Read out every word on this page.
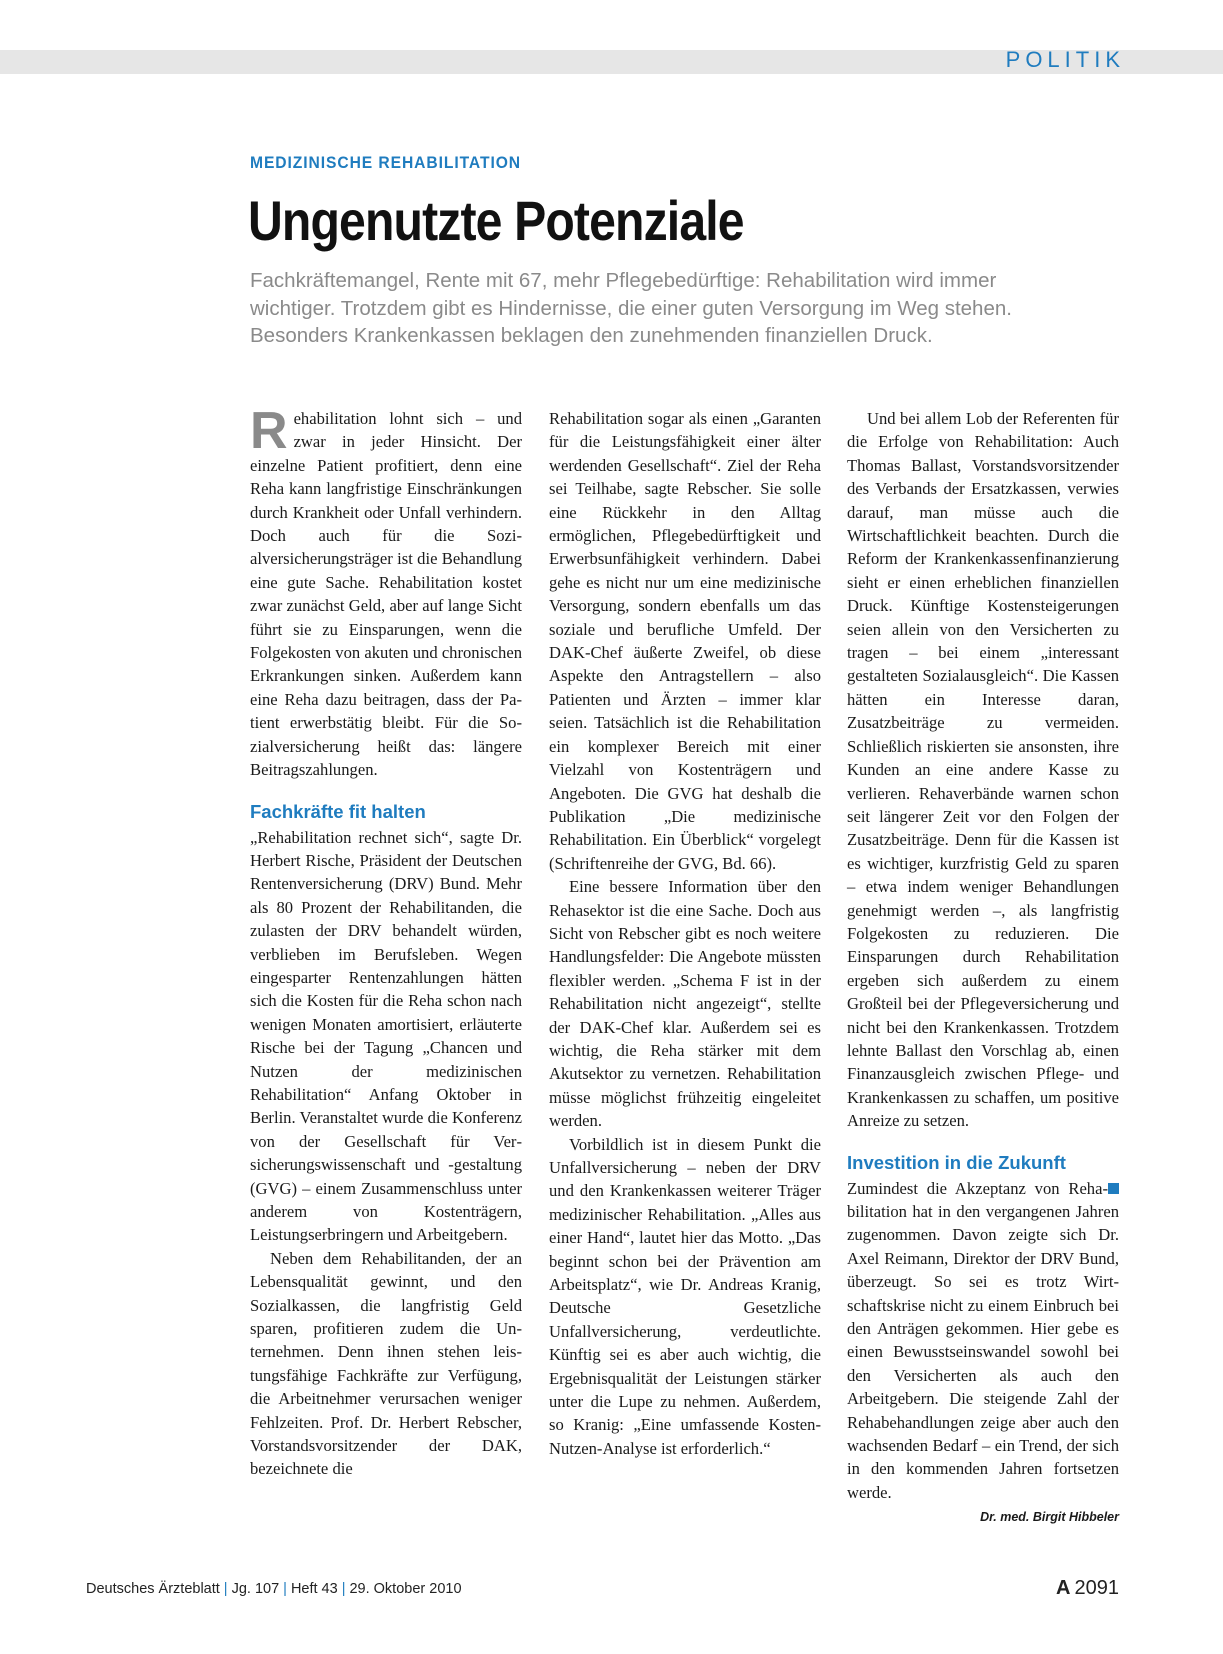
POLITIK
MEDIZINISCHE REHABILITATION
Ungenutzte Potenziale
Fachkräftemangel, Rente mit 67, mehr Pflegebedürftige: Rehabilitation wird immer
wichtiger. Trotzdem gibt es Hindernisse, die einer guten Versorgung im Weg stehen.
Besonders Krankenkassen beklagen den zunehmenden finanziellen Druck.

Rehabilitation lohnt sich – und zwar in jeder Hinsicht. Der einzelne Patient profitiert, denn eine Reha kann langfristige Einschränkungen durch Krankheit oder Unfall verhindern. Doch auch für die Sozialversicherungsträger ist die Behandlung eine gute Sache. Rehabilitation kostet zwar zunächst Geld, aber auf lange Sicht führt sie zu Einsparungen, wenn die Folgekosten von akuten und chronischen Erkrankungen sinken. Außerdem kann eine Reha dazu beitragen, dass der Patient erwerbstätig bleibt. Für die Sozialversicherung heißt das: längere Beitragszahlungen.

Fachkräfte fit halten

„Rehabilitation rechnet sich“, sagte Dr. Herbert Rische, Präsident der Deutschen Rentenversicherung (DRV) Bund. Mehr als 80 Prozent der Rehabilitanden, die zulasten der DRV behandelt würden, verblieben im Berufsleben. Wegen eingesparter Rentenzahlungen hätten sich die Kosten für die Reha schon nach wenigen Monaten amortisiert, erläuterte Rische bei der Tagung „Chancen und Nutzen der medizinischen Rehabilitation“ Anfang Oktober in Berlin. Veranstaltet wurde die Konferenz von der Gesellschaft für Versicherungswissenschaft und -gestaltung (GVG) – einem Zusammenschluss unter anderem von Kostenträgern, Leistungserbringern und Arbeitgebern.

Neben dem Rehabilitanden, der an Lebensqualität gewinnt, und den Sozialkassen, die langfristig Geld sparen, profitieren zudem die Unternehmen. Denn ihnen stehen leistungsfähige Fachkräfte zur Verfügung, die Arbeitnehmer verursachen weniger Fehlzeiten. Prof. Dr. Herbert Rebscher, Vorstandsvorsitzender der DAK, bezeichnete die

Rehabilitation sogar als einen „Garanten für die Leistungsfähigkeit einer älter werdenden Gesellschaft“. Ziel der Reha sei Teilhabe, sagte Rebscher. Sie solle eine Rückkehr in den Alltag ermöglichen, Pflegebedürftigkeit und Erwerbsunfähigkeit verhindern. Dabei gehe es nicht nur um eine medizinische Versorgung, sondern ebenfalls um das soziale und berufliche Umfeld. Der DAK-Chef äußerte Zweifel, ob diese Aspekte den Antragstellern – also Patienten und Ärzten – immer klar seien. Tatsächlich ist die Rehabilitation ein komplexer Bereich mit einer Vielzahl von Kostenträgern und Angeboten. Die GVG hat deshalb die Publikation „Die medizinische Rehabilitation. Ein Überblick“ vorgelegt (Schriftenreihe der GVG, Bd. 66).

Eine bessere Information über den Rehasektor ist die eine Sache. Doch aus Sicht von Rebscher gibt es noch weitere Handlungsfelder: Die Angebote müssten flexibler werden. „Schema F ist in der Rehabilitation nicht angezeigt“, stellte der DAK-Chef klar. Außerdem sei es wichtig, die Reha stärker mit dem Akutsektor zu vernetzen. Rehabilitation müsse möglichst frühzeitig eingeleitet werden.

Vorbildlich ist in diesem Punkt die Unfallversicherung – neben der DRV und den Krankenkassen weiterer Träger medizinischer Rehabilitation. „Alles aus einer Hand“, lautet hier das Motto. „Das beginnt schon bei der Prävention am Arbeitsplatz“, wie Dr. Andreas Kranig, Deutsche Gesetzliche Unfallversicherung, verdeutlichte. Künftig sei es aber auch wichtig, die Ergebnisqualität der Leistungen stärker unter die Lupe zu nehmen. Außerdem, so Kranig: „Eine umfassende Kosten-Nutzen-Analyse ist erforderlich.“

Und bei allem Lob der Referenten für die Erfolge von Rehabilitation: Auch Thomas Ballast, Vorstandsvorsitzender des Verbands der Ersatzkassen, verwies darauf, man müsse auch die Wirtschaftlichkeit beachten. Durch die Reform der Krankenkassenfinanzierung sieht er einen erheblichen finanziellen Druck. Künftige Kostensteigerungen seien allein von den Versicherten zu tragen – bei einem „interessant gestalteten Sozialausgleich“. Die Kassen hätten ein Interesse daran, Zusatzbeiträge zu vermeiden. Schließlich riskierten sie ansonsten, ihre Kunden an eine andere Kasse zu verlieren. Rehaverbände warnen schon seit längerer Zeit vor den Folgen der Zusatzbeiträge. Denn für die Kassen ist es wichtiger, kurzfristig Geld zu sparen – etwa indem weniger Behandlungen genehmigt werden –, als langfristig Folgekosten zu reduzieren. Die Einsparungen durch Rehabilitation ergeben sich außerdem zu einem Großteil bei der Pflegeversicherung und nicht bei den Krankenkassen. Trotzdem lehnte Ballast den Vorschlag ab, einen Finanzausgleich zwischen Pflege- und Krankenkassen zu schaffen, um positive Anreize zu setzen.

Investition in die Zukunft

Zumindest die Akzeptanz von Rehabilitation hat in den vergangenen Jahren zugenommen. Davon zeigte sich Dr. Axel Reimann, Direktor der DRV Bund, überzeugt. So sei es trotz Wirtschaftskrise nicht zu einem Einbruch bei den Anträgen gekommen. Hier gebe es einen Bewusstseinswandel sowohl bei den Versicherten als auch den Arbeitgebern. Die steigende Zahl der Rehabehandlungen zeige aber auch den wachsenden Bedarf – ein Trend, der sich in den kommenden Jahren fortsetzen werde.

Dr. med. Birgit Hibbeler
Deutsches Ärzteblatt | Jg. 107 | Heft 43 | 29. Oktober 2010	A 2091
